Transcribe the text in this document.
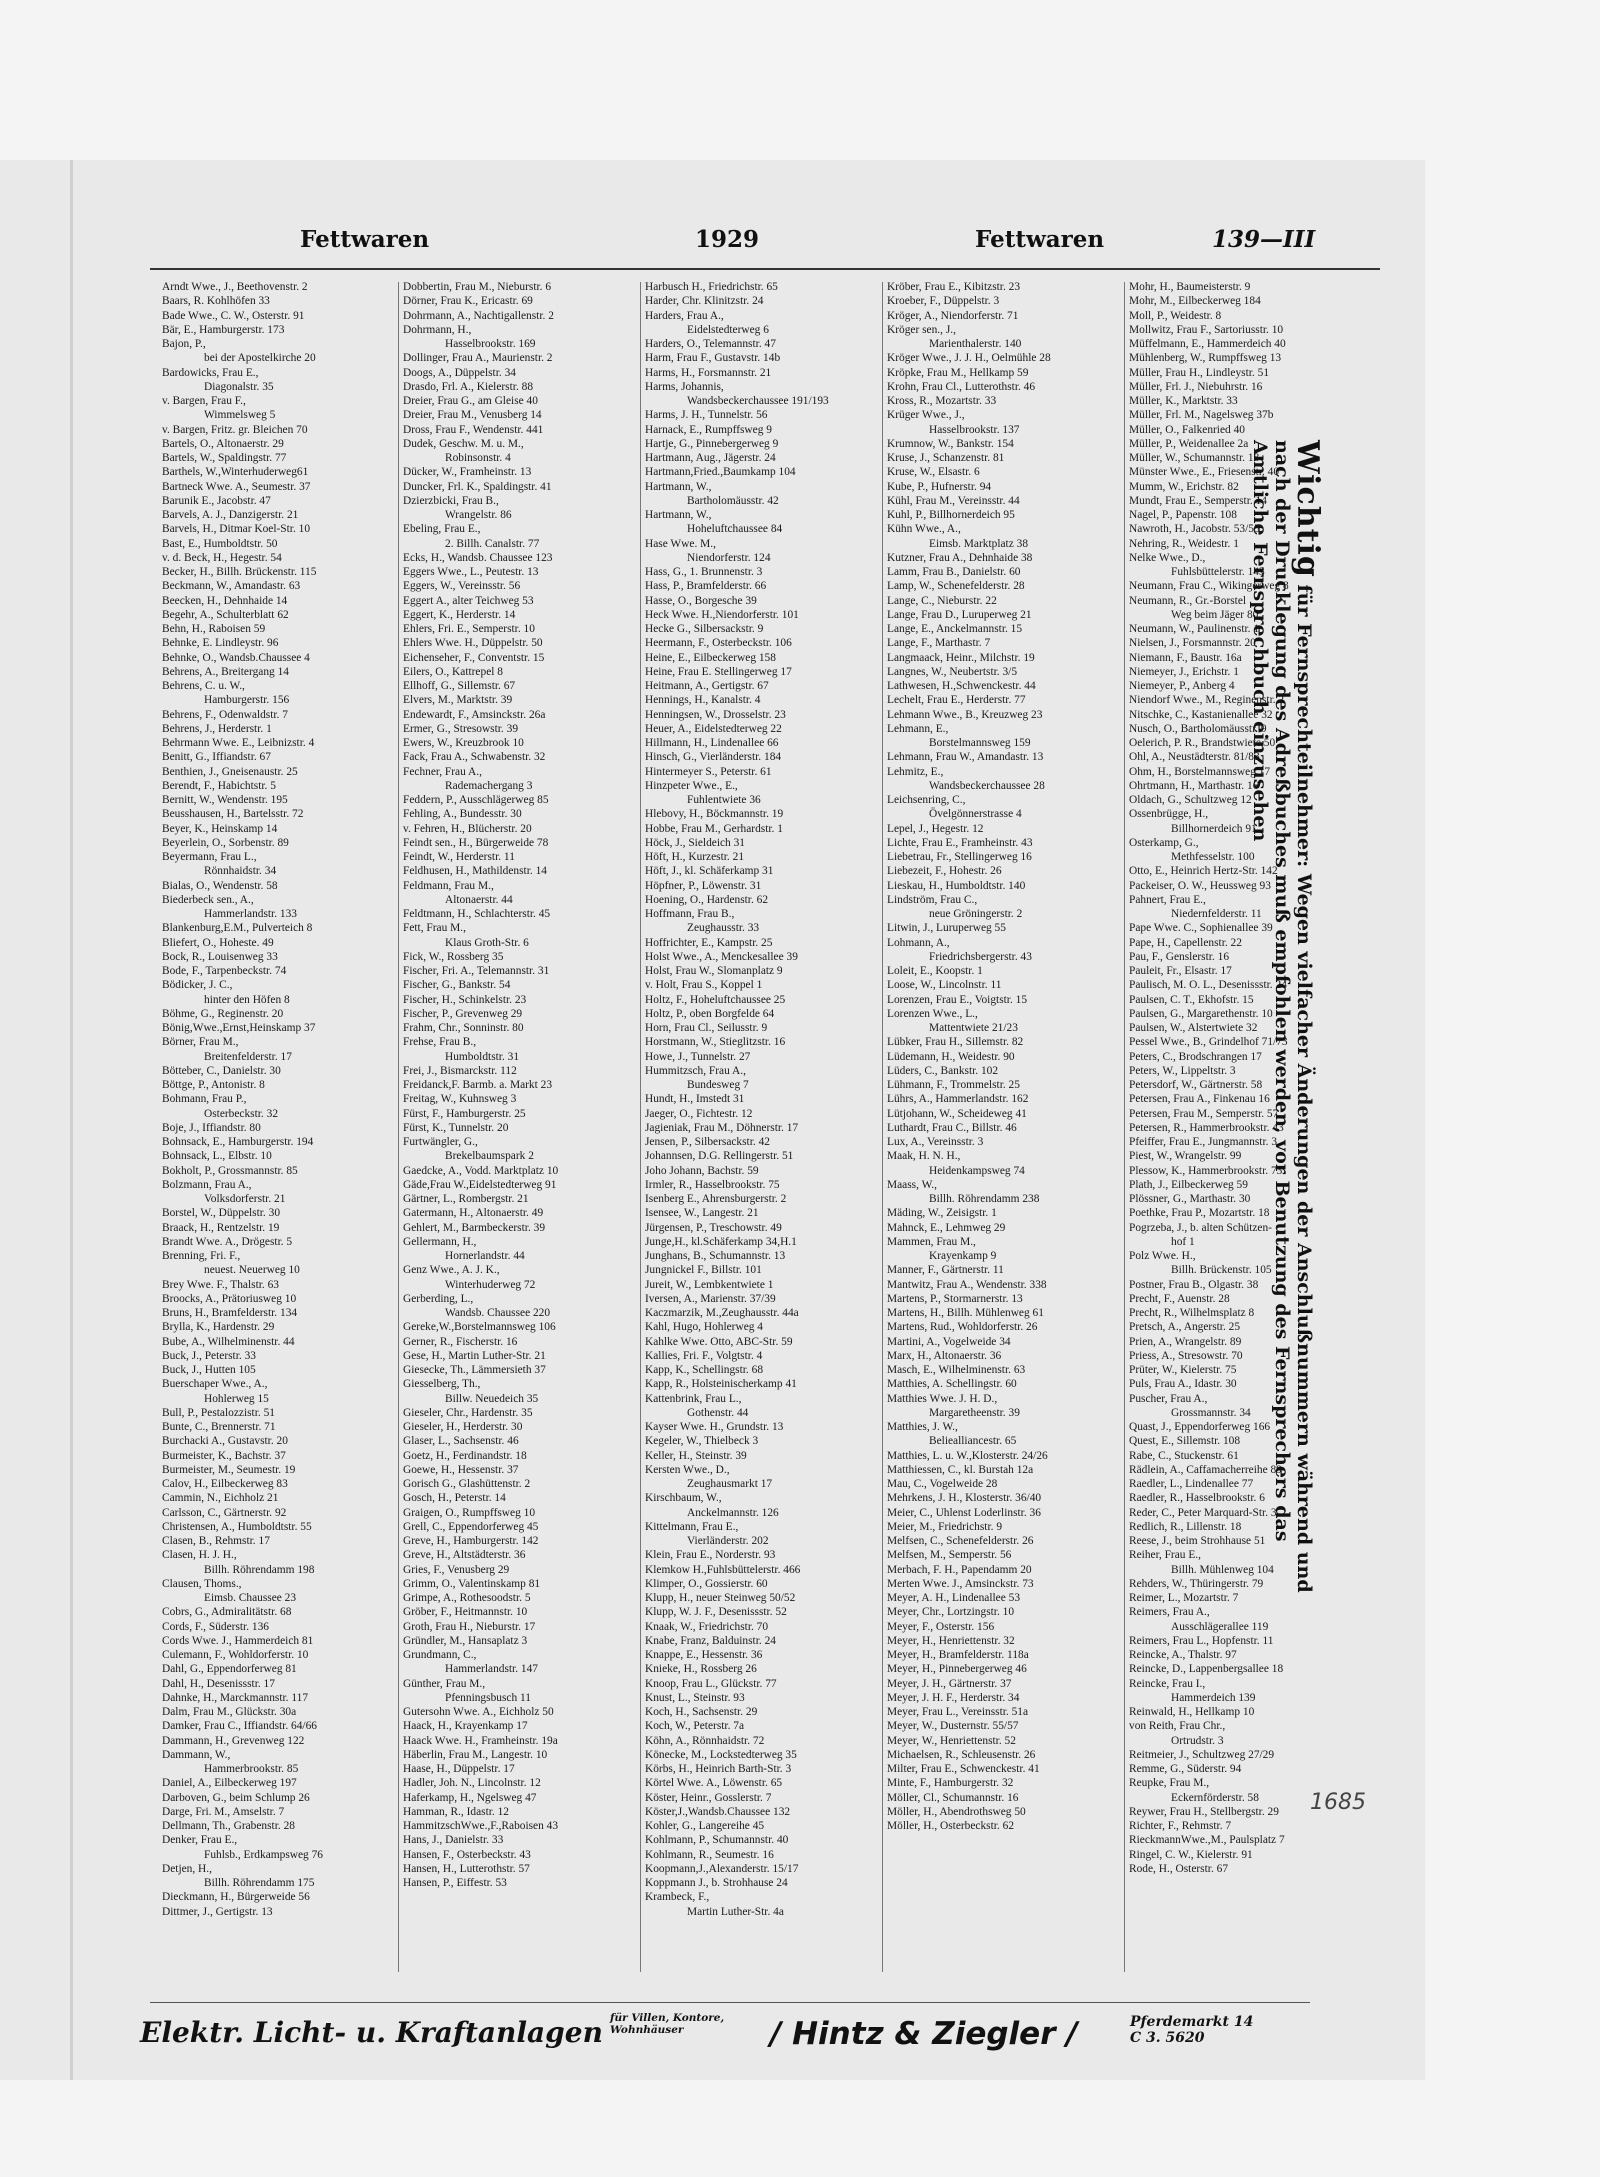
Fettwaren	1929	Fettwaren	139—III
Arndt Wwe., J., Beethovenstr. 2
Baars, R. Kohlhöfen 33
Bade Wwe., C. W., Osterstr. 91
Bär, E., Hamburgerstr. 173
Bajon, P.,
bei der Apostelkirche 20
Bardowicks, Frau E.,
Diagonalstr. 35
v. Bargen, Frau F.,
Wimmelsweg 5
v. Bargen, Fritz. gr. Bleichen 70
Bartels, O., Altonaerstr. 29
Bartels, W., Spaldingstr. 77
Barthels, W.,Winterhuderweg61
Bartneck Wwe. A., Seumestr. 37
Barunik E., Jacobstr. 47
Barvels, A. J., Danzigerstr. 21
Barvels, H., Ditmar Koel-Str. 10
Bast, E., Humboldtstr. 50
v. d. Beck, H., Hegestr. 54
Becker, H., Billh. Brückenstr. 115
Beckmann, W., Amandastr. 63
Beecken, H., Dehnhaide 14
Begehr, A., Schulterblatt 62
Behn, H., Raboisen 59
Behnke, E. Lindleystr. 96
Behnke, O., Wandsb.Chaussee 4
Behrens, A., Breitergang 14
Behrens, C. u. W.,
Hamburgerstr. 156
Behrens, F., Odenwaldstr. 7
Behrens, J., Herderstr. 1
Behrmann Wwe. E., Leibnizstr. 4
Benitt, G., Iffiandstr. 67
Benthien, J., Gneisenaustr. 25
Berendt, F., Habichtstr. 5
Bernitt, W., Wendenstr. 195
Beusshausen, H., Bartelsstr. 72
Beyer, K., Heinskamp 14
Beyerlein, O., Sorbenstr. 89
Beyermann, Frau L.,
Rönnhaidstr. 34
Bialas, O., Wendenstr. 58
Biederbeck sen., A.,
Hammerlandstr. 133
Blankenburg,E.M., Pulverteich 8
Bliefert, O., Hoheste. 49
Bock, R., Louisenweg 33
Bode, F., Tarpenbeckstr. 74
Bödicker, J. C.,
hinter den Höfen 8
Böhme, G., Reginenstr. 20
Bönig,Wwe.,Ernst,Heinskamp 37
Börner, Frau M.,
Breitenfelderstr. 17
Bötteber, C., Danielstr. 30
Böttge, P., Antonistr. 8
Bohmann, Frau P.,
Osterbeckstr. 32
Boje, J., Iffiandstr. 80
Bohnsack, E., Hamburgerstr. 194
Bohnsack, L., Elbstr. 10
Bokholt, P., Grossmannstr. 85
Bolzmann, Frau A.,
Volksdorferstr. 21
Borstel, W., Düppelstr. 30
Braack, H., Rentzelstr. 19
Brandt Wwe. A., Drögestr. 5
Brenning, Fri. F.,
neuest. Neuerweg 10
Brey Wwe. F., Thalstr. 63
Broocks, A., Prätoriusweg 10
Bruns, H., Bramfelderstr. 134
Brylla, K., Hardenstr. 29
Bube, A., Wilhelminenstr. 44
Buck, J., Peterstr. 33
Buck, J., Hutten 105
Buerschaper Wwe., A.,
Hohlerweg 15
Bull, P., Pestalozzistr. 51
Bunte, C., Brennerstr. 71
Burchacki A., Gustavstr. 20
Burmeister, K., Bachstr. 37
Burmeister, M., Seumestr. 19
Calov, H., Eilbeckerweg 83
Cammin, N., Eichholz 21
Carlsson, C., Gärtnerstr. 92
Christensen, A., Humboldtstr. 55
Clasen, B., Rehmstr. 17
Clasen, H. J. H.,
Billh. Röhrendamm 198
Clausen, Thoms.,
Eimsb. Chaussee 23
Cobrs, G., Admiralitätstr. 68
Cords, F., Süderstr. 136
Cords Wwe. J., Hammerdeich 81
Culemann, F., Wohldorferstr. 10
Dahl, G., Eppendorferweg 81
Dahl, H., Desenissstr. 17
Dahnke, H., Marckmannstr. 117
Dalm, Frau M., Glückstr. 30a
Damker, Frau C., Iffiandstr. 64/66
Dammann, H., Grevenweg 122
Dammann, W.,
Hammerbrookstr. 85
Daniel, A., Eilbeckerweg 197
Darboven, G., beim Schlump 26
Darge, Fri. M., Amselstr. 7
Dellmann, Th., Grabenstr. 28
Denker, Frau E.,
Fuhlsb., Erdkampsweg 76
Detjen, H.,
Billh. Röhrendamm 175
Dieckmann, H., Bürgerweide 56
Dittmer, J., Gertigstr. 13
Dobbertin, Frau M., Nieburstr. 6
Dörner, Frau K., Ericastr. 69
Dohrmann, A., Nachtigallenstr. 2
Dohrmann, H.,
Hasselbrookstr. 169
Dollinger, Frau A., Maurienstr. 2
Doogs, A., Düppelstr. 34
Drasdo, Frl. A., Kielerstr. 88
Dreier, Frau G., am Gleise 40
Dreier, Frau M., Venusberg 14
Dross, Frau F., Wendenstr. 441
Dudek, Geschw. M. u. M.,
Robinsonstr. 4
Dücker, W., Framheinstr. 13
Duncker, Frl. K., Spaldingstr. 41
Dzierzbicki, Frau B.,
Wrangelstr. 86
Ebeling, Frau E.,
2. Billh. Canalstr. 77
Ecks, H., Wandsb. Chaussee 123
Eggers Wwe., L., Peutestr. 13
Eggers, W., Vereinsstr. 56
Eggert A., alter Teichweg 53
Eggert, K., Herderstr. 14
Ehlers, Fri. E., Semperstr. 10
Ehlers Wwe. H., Düppelstr. 50
Eichenseher, F., Conventstr. 15
Eilers, O., Kattrepel 8
Ellhoff, G., Sillemstr. 67
Elvers, M., Marktstr. 39
Endewardt, F., Amsinckstr. 26a
Ermer, G., Stresowstr. 39
Ewers, W., Kreuzbrook 10
Fack, Frau A., Schwabenstr. 32
Fechner, Frau A.,
Rademachergang 3
Feddern, P., Ausschlägerweg 85
Fehling, A., Bundesstr. 30
v. Fehren, H., Blücherstr. 20
Feindt sen., H., Bürgerweide 78
Feindt, W., Herderstr. 11
Feldhusen, H., Mathildenstr. 14
Feldmann, Frau M.,
Altonaerstr. 44
Feldtmann, H., Schlachterstr. 45
Fett, Frau M.,
Klaus Groth-Str. 6
Fick, W., Rossberg 35
Fischer, Fri. A., Telemannstr. 31
Fischer, G., Bankstr. 54
Fischer, H., Schinkelstr. 23
Fischer, P., Grevenweg 29
Frahm, Chr., Sonninstr. 80
Frehse, Frau B.,
Humboldtstr. 31
Frei, J., Bismarckstr. 112
Freidanck,F. Barmb. a. Markt 23
Freitag, W., Kuhnsweg 3
Fürst, F., Hamburgerstr. 25
Fürst, K., Tunnelstr. 20
Furtwängler, G.,
Brekelbaumspark 2
Gaedcke, A., Vodd. Marktplatz 10
Gäde,Frau W.,Eidelstedterweg 91
Gärtner, L., Rombergstr. 21
Gatermann, H., Altonaerstr. 49
Gehlert, M., Barmbeckerstr. 39
Gellermann, H.,
Hornerlandstr. 44
Genz Wwe., A. J. K.,
Winterhuderweg 72
Gerberding, L.,
Wandsb. Chaussee 220
Gereke,W.,Borstelmannsweg 106
Gerner, R., Fischerstr. 16
Gese, H., Martin Luther-Str. 21
Giesecke, Th., Lämmersieth 37
Giesselberg, Th.,
Billw. Neuedeich 35
Gieseler, Chr., Hardenstr. 35
Gieseler, H., Herderstr. 30
Glaser, L., Sachsenstr. 46
Goetz, H., Ferdinandstr. 18
Goewe, H., Hessenstr. 37
Gorisch G., Glashüttenstr. 2
Gosch, H., Peterstr. 14
Graigen, O., Rumpffsweg 10
Grell, C., Eppendorferweg 45
Greve, H., Hamburgerstr. 142
Greve, H., Altstädterstr. 36
Gries, F., Venusberg 29
Grimm, O., Valentinskamp 81
Grimpe, A., Rothesoodstr. 5
Gröber, F., Heitmannstr. 10
Groth, Frau H., Nieburstr. 17
Gründler, M., Hansaplatz 3
Grundmann, C.,
Hammerlandstr. 147
Günther, Frau M.,
Pfenningsbusch 11
Gutersohn Wwe. A., Eichholz 50
Haack, H., Krayenkamp 17
Haack Wwe. H., Framheinstr. 19a
Häberlin, Frau M., Langestr. 10
Haase, H., Düppelstr. 17
Hadler, Joh. N., Lincolnstr. 12
Haferkamp, H., Ngelsweg 47
Hamman, R., Idastr. 12
HammitzschWwe.,F.,Raboisen 43
Hans, J., Danielstr. 33
Hansen, F., Osterbeckstr. 43
Hansen, H., Lutterothstr. 57
Hansen, P., Eiffestr. 53
Harbusch H., Friedrichstr. 65
Harder, Chr. Klinitzstr. 24
Harders, Frau A.,
Eidelstedterweg 6
Harders, O., Telemannstr. 47
Harm, Frau F., Gustavstr. 14b
Harms, H., Forsmannstr. 21
Harms, Johannis,
Wandsbeckerchaussee 191/193
Harms, J. H., Tunnelstr. 56
Harnack, E., Rumpffsweg 9
Hartje, G., Pinnebergerweg 9
Hartmann, Aug., Jägerstr. 24
Hartmann,Fried.,Baumkamp 104
Hartmann, W.,
Bartholomäusstr. 42
Hartmann, W.,
Hoheluftchaussee 84
Hase Wwe. M.,
Niendorferstr. 124
Hass, G., 1. Brunnenstr. 3
Hass, P., Bramfelderstr. 66
Hasse, O., Borgesche 39
Heck Wwe. H.,Niendorferstr. 101
Hecke G., Silbersackstr. 9
Heermann, F., Osterbeckstr. 106
Heine, E., Eilbeckerweg 158
Heine, Frau E. Stellingerweg 17
Heitmann, A., Gertigstr. 67
Hennings, H., Kanalstr. 4
Henningsen, W., Drosselstr. 23
Heuer, A., Eidelstedterweg 22
Hillmann, H., Lindenallee 66
Hinsch, G., Vierländerstr. 184
Hintermeyer S., Peterstr. 61
Hinzpeter Wwe., E.,
Fuhlentwiete 36
Hlebovy, H., Böckmannstr. 19
Hobbe, Frau M., Gerhardstr. 1
Höck, J., Sieldeich 31
Höft, H., Kurzestr. 21
Höft, J., kl. Schäferkamp 31
Höpfner, P., Löwenstr. 31
Hoening, O., Hardenstr. 62
Hoffmann, Frau B.,
Zeughausstr. 33
Hoffrichter, E., Kampstr. 25
Holst Wwe., A., Menckesallee 39
Holst, Frau W., Slomanplatz 9
v. Holt, Frau S., Koppel 1
Holtz, F., Hoheluftchaussee 25
Holtz, P., oben Borgfelde 64
Horn, Frau Cl., Seilusstr. 9
Horstmann, W., Stieglitzstr. 16
Howe, J., Tunnelstr. 27
Hummitzsch, Frau A.,
Bundesweg 7
Hundt, H., Imstedt 31
Jaeger, O., Fichtestr. 12
Jagieniak, Frau M., Döhnerstr. 17
Jensen, P., Silbersackstr. 42
Johannsen, D.G. Rellingerstr. 51
Joho Johann, Bachstr. 59
Irmler, R., Hasselbrookstr. 75
Isenberg E., Ahrensburgerstr. 2
Isensee, W., Langestr. 21
Jürgensen, P., Treschowstr. 49
Junge,H., kl.Schäferkamp 34,H.1
Junghans, B., Schumannstr. 13
Jungnickel F., Billstr. 101
Jureit, W., Lembkentwiete 1
Iversen, A., Marienstr. 37/39
Kaczmarzik, M.,Zeughausstr. 44a
Kahl, Hugo, Hohlerweg 4
Kahlke Wwe. Otto, ABC-Str. 59
Kallies, Fri. F., Volgtstr. 4
Kapp, K., Schellingstr. 68
Kapp, R., Holsteinischerkamp 41
Kattenbrink, Frau L.,
Gothenstr. 44
Kayser Wwe. H., Grundstr. 13
Kegeler, W., Thielbeck 3
Keller, H., Steinstr. 39
Kersten Wwe., D.,
Zeughausmarkt 17
Kirschbaum, W.,
Anckelmannstr. 126
Kittelmann, Frau E.,
Vierländerstr. 202
Klein, Frau E., Norderstr. 93
Klemkow H.,Fuhlsbüttelerstr. 466
Klimper, O., Gossierstr. 60
Klupp, H., neuer Steinweg 50/52
Klupp, W. J. F., Desenissstr. 52
Knaak, W., Friedrichstr. 70
Knabe, Franz, Balduinstr. 24
Knappe, E., Hessenstr. 36
Knieke, H., Rossberg 26
Knoop, Frau L., Glückstr. 77
Knust, L., Steinstr. 93
Koch, H., Sachsenstr. 29
Koch, W., Peterstr. 7a
Köhn, A., Rönnhaidstr. 72
Könecke, M., Lockstedterweg 35
Körbs, H., Heinrich Barth-Str. 3
Körtel Wwe. A., Löwenstr. 65
Köster, Heinr., Gosslerstr. 7
Köster,J.,Wandsb.Chaussee 132
Kohler, G., Langereihe 45
Kohlmann, P., Schumannstr. 40
Kohlmann, R., Seumestr. 16
Koopmann,J.,Alexanderstr. 15/17
Koppmann J., b. Strohhause 24
Krambeck, F.,
Martin Luther-Str. 4a
Kröber, Frau E., Kibitzstr. 23
Kroeber, F., Düppelstr. 3
Kröger, A., Niendorferstr. 71
Kröger sen., J.,
Marienthalerstr. 140
Kröger Wwe., J. J. H., Oelmühle 28
Kröpke, Frau M., Hellkamp 59
Krohn, Frau Cl., Lutterothstr. 46
Kross, R., Mozartstr. 33
Krüger Wwe., J.,
Hasselbrookstr. 137
Krumnow, W., Bankstr. 154
Kruse, J., Schanzenstr. 81
Kruse, W., Elsastr. 6
Kube, P., Hufnerstr. 94
Kühl, Frau M., Vereinsstr. 44
Kuhl, P., Billhornerdeich 95
Kühn Wwe., A.,
Eimsb. Marktplatz 38
Kutzner, Frau A., Dehnhaide 38
Lamm, Frau B., Danielstr. 60
Lamp, W., Schenefelderstr. 28
Lange, C., Nieburstr. 22
Lange, Frau D., Luruperweg 21
Lange, E., Anckelmannstr. 15
Lange, F., Marthastr. 7
Langmaack, Heinr., Milchstr. 19
Langnes, W., Neubertstr. 3/5
Lathwesen, H.,Schwenckestr. 44
Lechelt, Frau E., Herderstr. 77
Lehmann Wwe., B., Kreuzweg 23
Lehmann, E.,
Borstelmannsweg 159
Lehmann, Frau W., Amandastr. 13
Lehmitz, E.,
Wandsbeckerchaussee 28
Leichsenring, C.,
Övelgönnerstrasse 4
Lepel, J., Hegestr. 12
Lichte, Frau E., Framheinstr. 43
Liebetrau, Fr., Stellingerweg 16
Liebezeit, F., Hohestr. 26
Lieskau, H., Humboldtstr. 140
Lindström, Frau C.,
neue Gröningerstr. 2
Litwin, J., Luruperweg 55
Lohmann, A.,
Friedrichsbergerstr. 43
Loleit, E., Koopstr. 1
Loose, W., Lincolnstr. 11
Lorenzen, Frau E., Voigtstr. 15
Lorenzen Wwe., L.,
Mattentwiete 21/23
Lübker, Frau H., Sillemstr. 82
Lüdemann, H., Weidestr. 90
Lüders, C., Bankstr. 102
Lühmann, F., Trommelstr. 25
Lührs, A., Hammerlandstr. 162
Lütjohann, W., Scheideweg 41
Luthardt, Frau C., Billstr. 46
Lux, A., Vereinsstr. 3
Maak, H. N. H.,
Heidenkampsweg 74
Maass, W.,
Billh. Röhrendamm 238
Mäding, W., Zeisigstr. 1
Mahnck, E., Lehmweg 29
Mammen, Frau M.,
Krayenkamp 9
Manner, F., Gärtnerstr. 11
Mantwitz, Frau A., Wendenstr. 338
Martens, P., Stormarnerstr. 13
Martens, H., Billh. Mühlenweg 61
Martens, Rud., Wohldorferstr. 26
Martini, A., Vogelweide 34
Marx, H., Altonaerstr. 36
Masch, E., Wilhelminenstr. 63
Matthies, A. Schellingstr. 60
Matthies Wwe. J. H. D.,
Margaretheenstr. 39
Matthies, J. W.,
Beliealliancestr. 65
Matthies, L. u. W.,Klosterstr. 24/26
Matthiessen, C., kl. Burstah 12a
Mau, C., Vogelweide 28
Mehrkens, J. H., Klosterstr. 36/40
Meier, C., Uhlenst Loderlinstr. 36
Meier, M., Friedrichstr. 9
Melfsen, C., Schenefelderstr. 26
Melfsen, M., Semperstr. 56
Merbach, F. H., Papendamm 20
Merten Wwe. J., Amsinckstr. 73
Meyer, A. H., Lindenallee 53
Meyer, Chr., Lortzingstr. 10
Meyer, F., Osterstr. 156
Meyer, H., Henriettenstr. 32
Meyer, H., Bramfelderstr. 118a
Meyer, H., Pinnebergerweg 46
Meyer, J. H., Gärtnerstr. 37
Meyer, J. H. F., Herderstr. 34
Meyer, Frau L., Vereinsstr. 51a
Meyer, W., Dusternstr. 55/57
Meyer, W., Henriettenstr. 52
Michaelsen, R., Schleusenstr. 26
Milter, Frau E., Schwenckestr. 41
Minte, F., Hamburgerstr. 32
Möller, Cl., Schumannstr. 16
Möller, H., Abendrothsweg 50
Möller, H., Osterbeckstr. 62
Mohr, H., Baumeisterstr. 9
Mohr, M., Eilbeckerweg 184
Moll, P., Weidestr. 8
Mollwitz, Frau F., Sartoriusstr. 10
Müffelmann, E., Hammerdeich 40
Mühlenberg, W., Rumpffsweg 13
Müller, Frau H., Lindleystr. 51
Müller, Frl. J., Niebuhrstr. 16
Müller, K., Marktstr. 33
Müller, Frl. M., Nagelsweg 37b
Müller, O., Falkenried 40
Müller, P., Weidenallee 2a
Müller, W., Schumannstr. 18
Münster Wwe., E., Friesenstr. 40
Mumm, W., Erichstr. 82
Mundt, Frau E., Semperstr. 14
Nagel, P., Papenstr. 108
Nawroth, H., Jacobstr. 53/55
Nehring, R., Weidestr. 1
Nelke Wwe., D.,
Fuhlsbüttelerstr. 143
Neumann, Frau C., Wikingerweg 8
Neumann, R., Gr.-Borstel
Weg beim Jäger 80
Neumann, W., Paulinenstr. 1
Nielsen, J., Forsmannstr. 20
Niemann, F., Baustr. 16a
Niemeyer, J., Erichstr. 1
Niemeyer, P., Anberg 4
Niendorf Wwe., M., Reginenstr. 2
Nitschke, C., Kastanienallee 32
Nusch, O., Bartholomäusstr. 9
Oelerich, P. R., Brandstwiete 50
Ohl, A., Neustädterstr. 81/83
Ohm, H., Borstelmannsweg 17
Ohrtmann, H., Marthastr. 16
Oldach, G., Schultzweg 12
Ossenbrügge, H.,
Billhornerdeich 91
Osterkamp, G.,
Methfesselstr. 100
Otto, E., Heinrich Hertz-Str. 142
Packeiser, O. W., Heussweg 93
Pahnert, Frau E.,
Niedernfelderstr. 11
Pape Wwe. C., Sophienallee 39
Pape, H., Capellenstr. 22
Pau, F., Genslerstr. 16
Pauleit, Fr., Elsastr. 17
Paulisch, M. O. L., Desenissstr. 24
Paulsen, C. T., Ekhofstr. 15
Paulsen, G., Margarethenstr. 10
Paulsen, W., Alstertwiete 32
Pessel Wwe., B., Grindelhof 71/73
Peters, C., Brodschrangen 17
Peters, W., Lippeltstr. 3
Petersdorf, W., Gärtnerstr. 58
Petersen, Frau A., Finkenau 16
Petersen, Frau M., Semperstr. 57
Petersen, R., Hammerbrookstr. 43
Pfeiffer, Frau E., Jungmannstr. 3
Piest, W., Wrangelstr. 99
Plessow, K., Hammerbrookstr. 73
Plath, J., Eilbeckerweg 59
Plössner, G., Marthastr. 30
Poethke, Frau P., Mozartstr. 18
Pogrzeba, J., b. alten Schützen-
hof 1
Polz Wwe. H.,
Billh. Brückenstr. 105
Postner, Frau B., Olgastr. 38
Precht, F., Auenstr. 28
Precht, R., Wilhelmsplatz 8
Pretsch, A., Angerstr. 25
Prien, A., Wrangelstr. 89
Priess, A., Stresowstr. 70
Prüter, W., Kielerstr. 75
Puls, Frau A., Idastr. 30
Puscher, Frau A.,
Grossmannstr. 34
Quast, J., Eppendorferweg 166
Quest, E., Sillemstr. 108
Rabe, C., Stuckenstr. 61
Rädlein, A., Caffamacherreihe 89
Raedler, L., Lindenallee 77
Raedler, R., Hasselbrookstr. 6
Reder, C., Peter Marquard-Str. 3
Redlich, R., Lillenstr. 18
Reese, J., beim Strohhause 51
Reiher, Frau E.,
Billh. Mühlenweg 104
Rehders, W., Thüringerstr. 79
Reimer, L., Mozartstr. 7
Reimers, Frau A.,
Ausschlägerallee 119
Reimers, Frau L., Hopfenstr. 11
Reincke, A., Thalstr. 97
Reincke, D., Lappenbergsallee 18
Reincke, Frau I.,
Hammerdeich 139
Reinwald, H., Hellkamp 10
von Reith, Frau Chr.,
Ortrudstr. 3
Reitmeier, J., Schultzweg 27/29
Remme, G., Süderstr. 94
Reupke, Frau M.,
Eckernförderstr. 58
Reywer, Frau H., Stellbergstr. 29
Richter, F., Rehmstr. 7
RieckmannWwe.,M., Paulsplatz 7
Ringel, C. W., Kielerstr. 91
Rode, H., Osterstr. 67
Elektr. Licht- u. Kraftanlagen für Villen, Kontore,
Wohnhäuser	/ Hintz & Ziegler /	Pferdemarkt 14
C 3. 5620
Wichtig für Fernsprechteilnehmer: Wegen vielfacher Änderungen der Anschlußnummern während und nach der Drucklegung des Adreßbuches muß empfohlen werden, vor Benutzung des Fernsprechers das Amtliche Fernsprechbuch einzusehen
1685
